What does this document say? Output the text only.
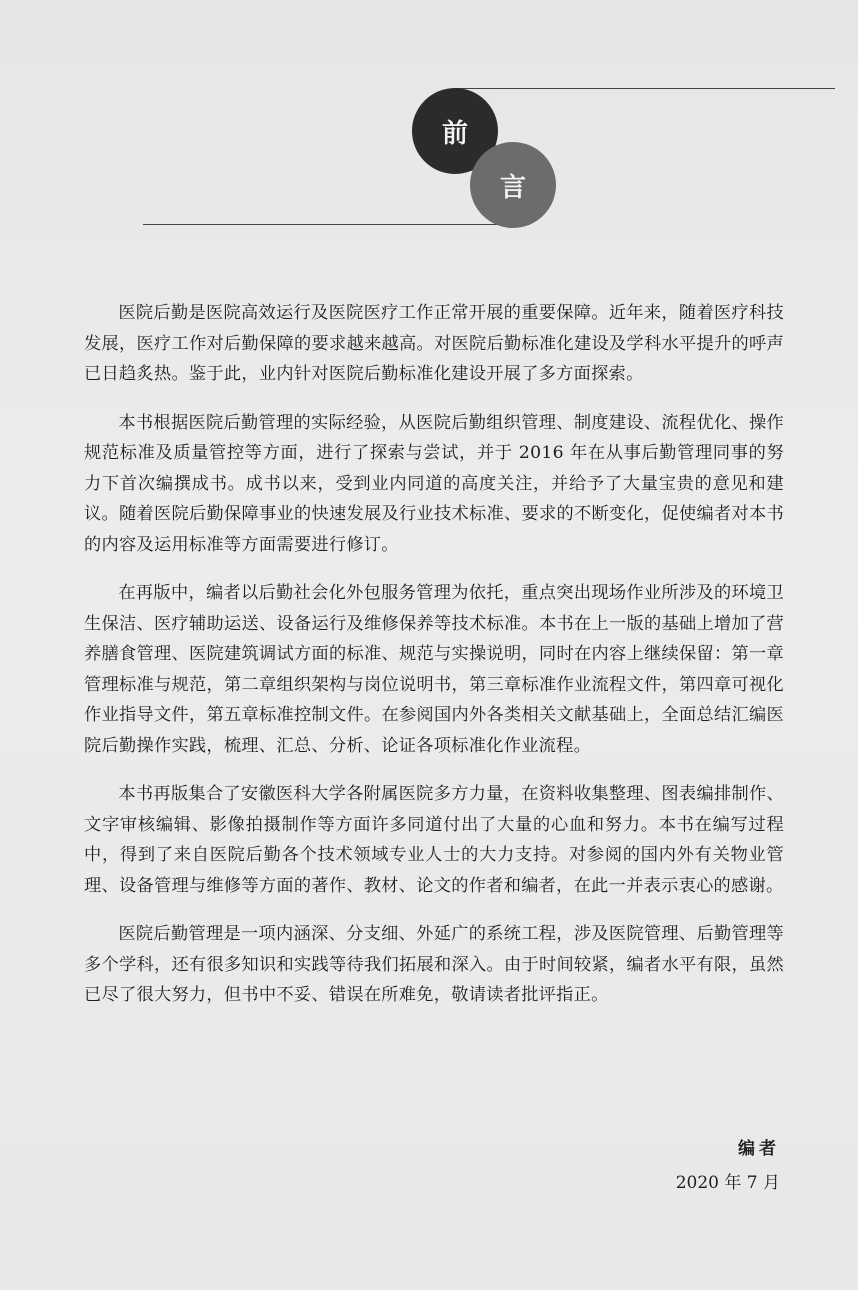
前
言

医院后勤是医院高效运行及医院医疗工作正常开展的重要保障。近年来，随着医疗科技发展，医疗工作对后勤保障的要求越来越高。对医院后勤标准化建设及学科水平提升的呼声已日趋炙热。鉴于此，业内针对医院后勤标准化建设开展了多方面探索。

本书根据医院后勤管理的实际经验，从医院后勤组织管理、制度建设、流程优化、操作规范标准及质量管控等方面，进行了探索与尝试，并于 2016 年在从事后勤管理同事的努力下首次编撰成书。成书以来，受到业内同道的高度关注，并给予了大量宝贵的意见和建议。随着医院后勤保障事业的快速发展及行业技术标准、要求的不断变化，促使编者对本书的内容及运用标准等方面需要进行修订。

在再版中，编者以后勤社会化外包服务管理为依托，重点突出现场作业所涉及的环境卫生保洁、医疗辅助运送、设备运行及维修保养等技术标准。本书在上一版的基础上增加了营养膳食管理、医院建筑调试方面的标准、规范与实操说明，同时在内容上继续保留：第一章管理标准与规范，第二章组织架构与岗位说明书，第三章标准作业流程文件，第四章可视化作业指导文件，第五章标准控制文件。在参阅国内外各类相关文献基础上，全面总结汇编医院后勤操作实践，梳理、汇总、分析、论证各项标准化作业流程。

本书再版集合了安徽医科大学各附属医院多方力量，在资料收集整理、图表编排制作、文字审核编辑、影像拍摄制作等方面许多同道付出了大量的心血和努力。本书在编写过程中，得到了来自医院后勤各个技术领域专业人士的大力支持。对参阅的国内外有关物业管理、设备管理与维修等方面的著作、教材、论文的作者和编者，在此一并表示衷心的感谢。

医院后勤管理是一项内涵深、分支细、外延广的系统工程，涉及医院管理、后勤管理等多个学科，还有很多知识和实践等待我们拓展和深入。由于时间较紧，编者水平有限，虽然已尽了很大努力，但书中不妥、错误在所难免，敬请读者批评指正。

编者
2020 年 7 月
